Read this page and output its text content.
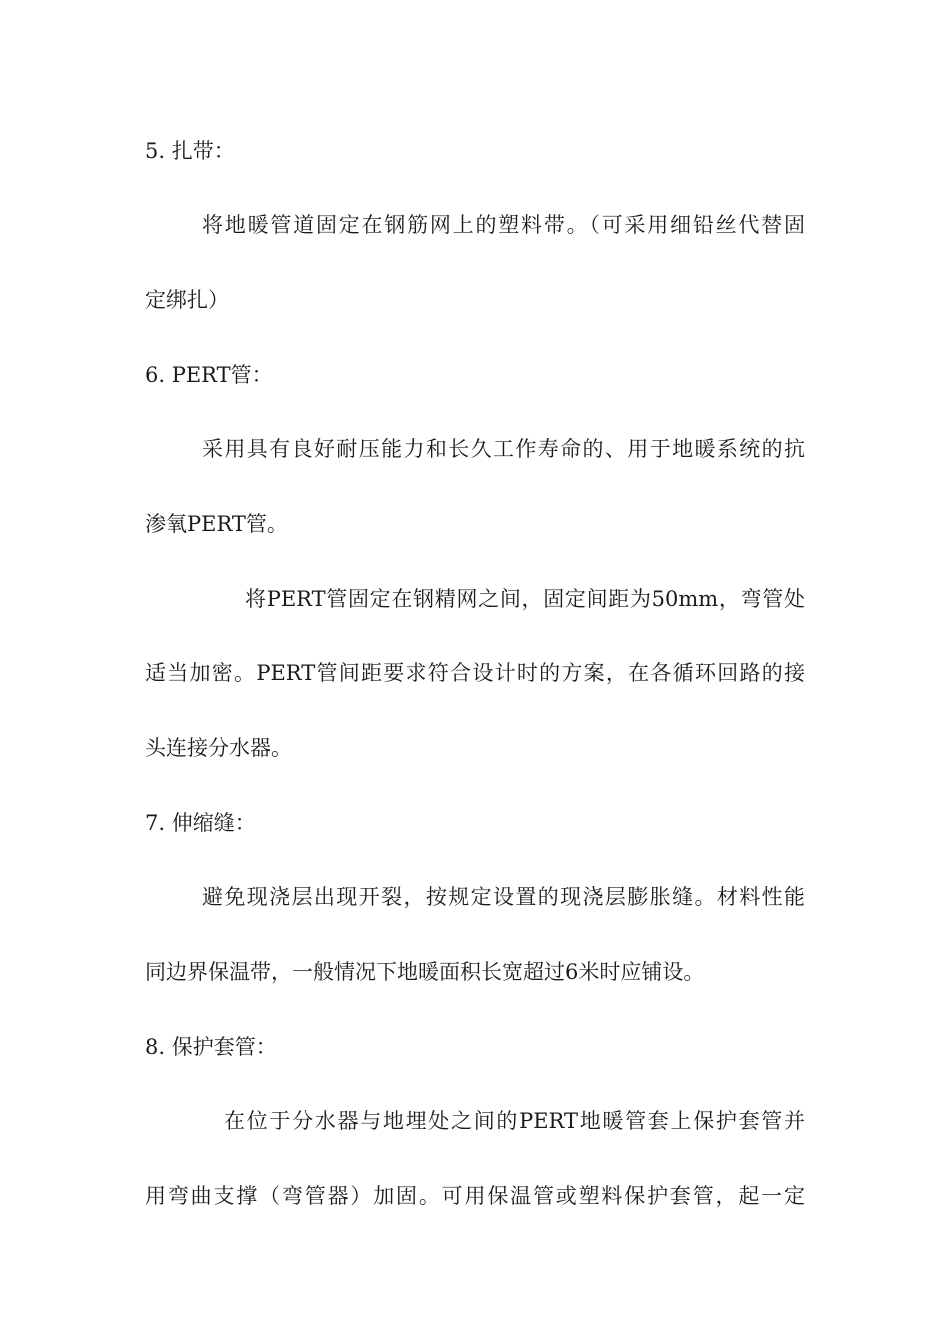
5. 扎带：
将地暖管道固定在钢筋网上的塑料带。（可采用细铅丝代替固
定绑扎）
6. PERT管：
采用具有良好耐压能力和长久工作寿命的、用于地暖系统的抗
渗氧PERT管。
将PERT管固定在钢精网之间，固定间距为50mm，弯管处
适当加密。PERT管间距要求符合设计时的方案，在各循环回路的接
头连接分水器。
7. 伸缩缝：
避免现浇层出现开裂，按规定设置的现浇层膨胀缝。材料性能
同边界保温带，一般情况下地暖面积长宽超过6米时应铺设。
8. 保护套管：
在位于分水器与地埋处之间的PERT地暖管套上保护套管并
用弯曲支撑（弯管器）加固。可用保温管或塑料保护套管，起一定
